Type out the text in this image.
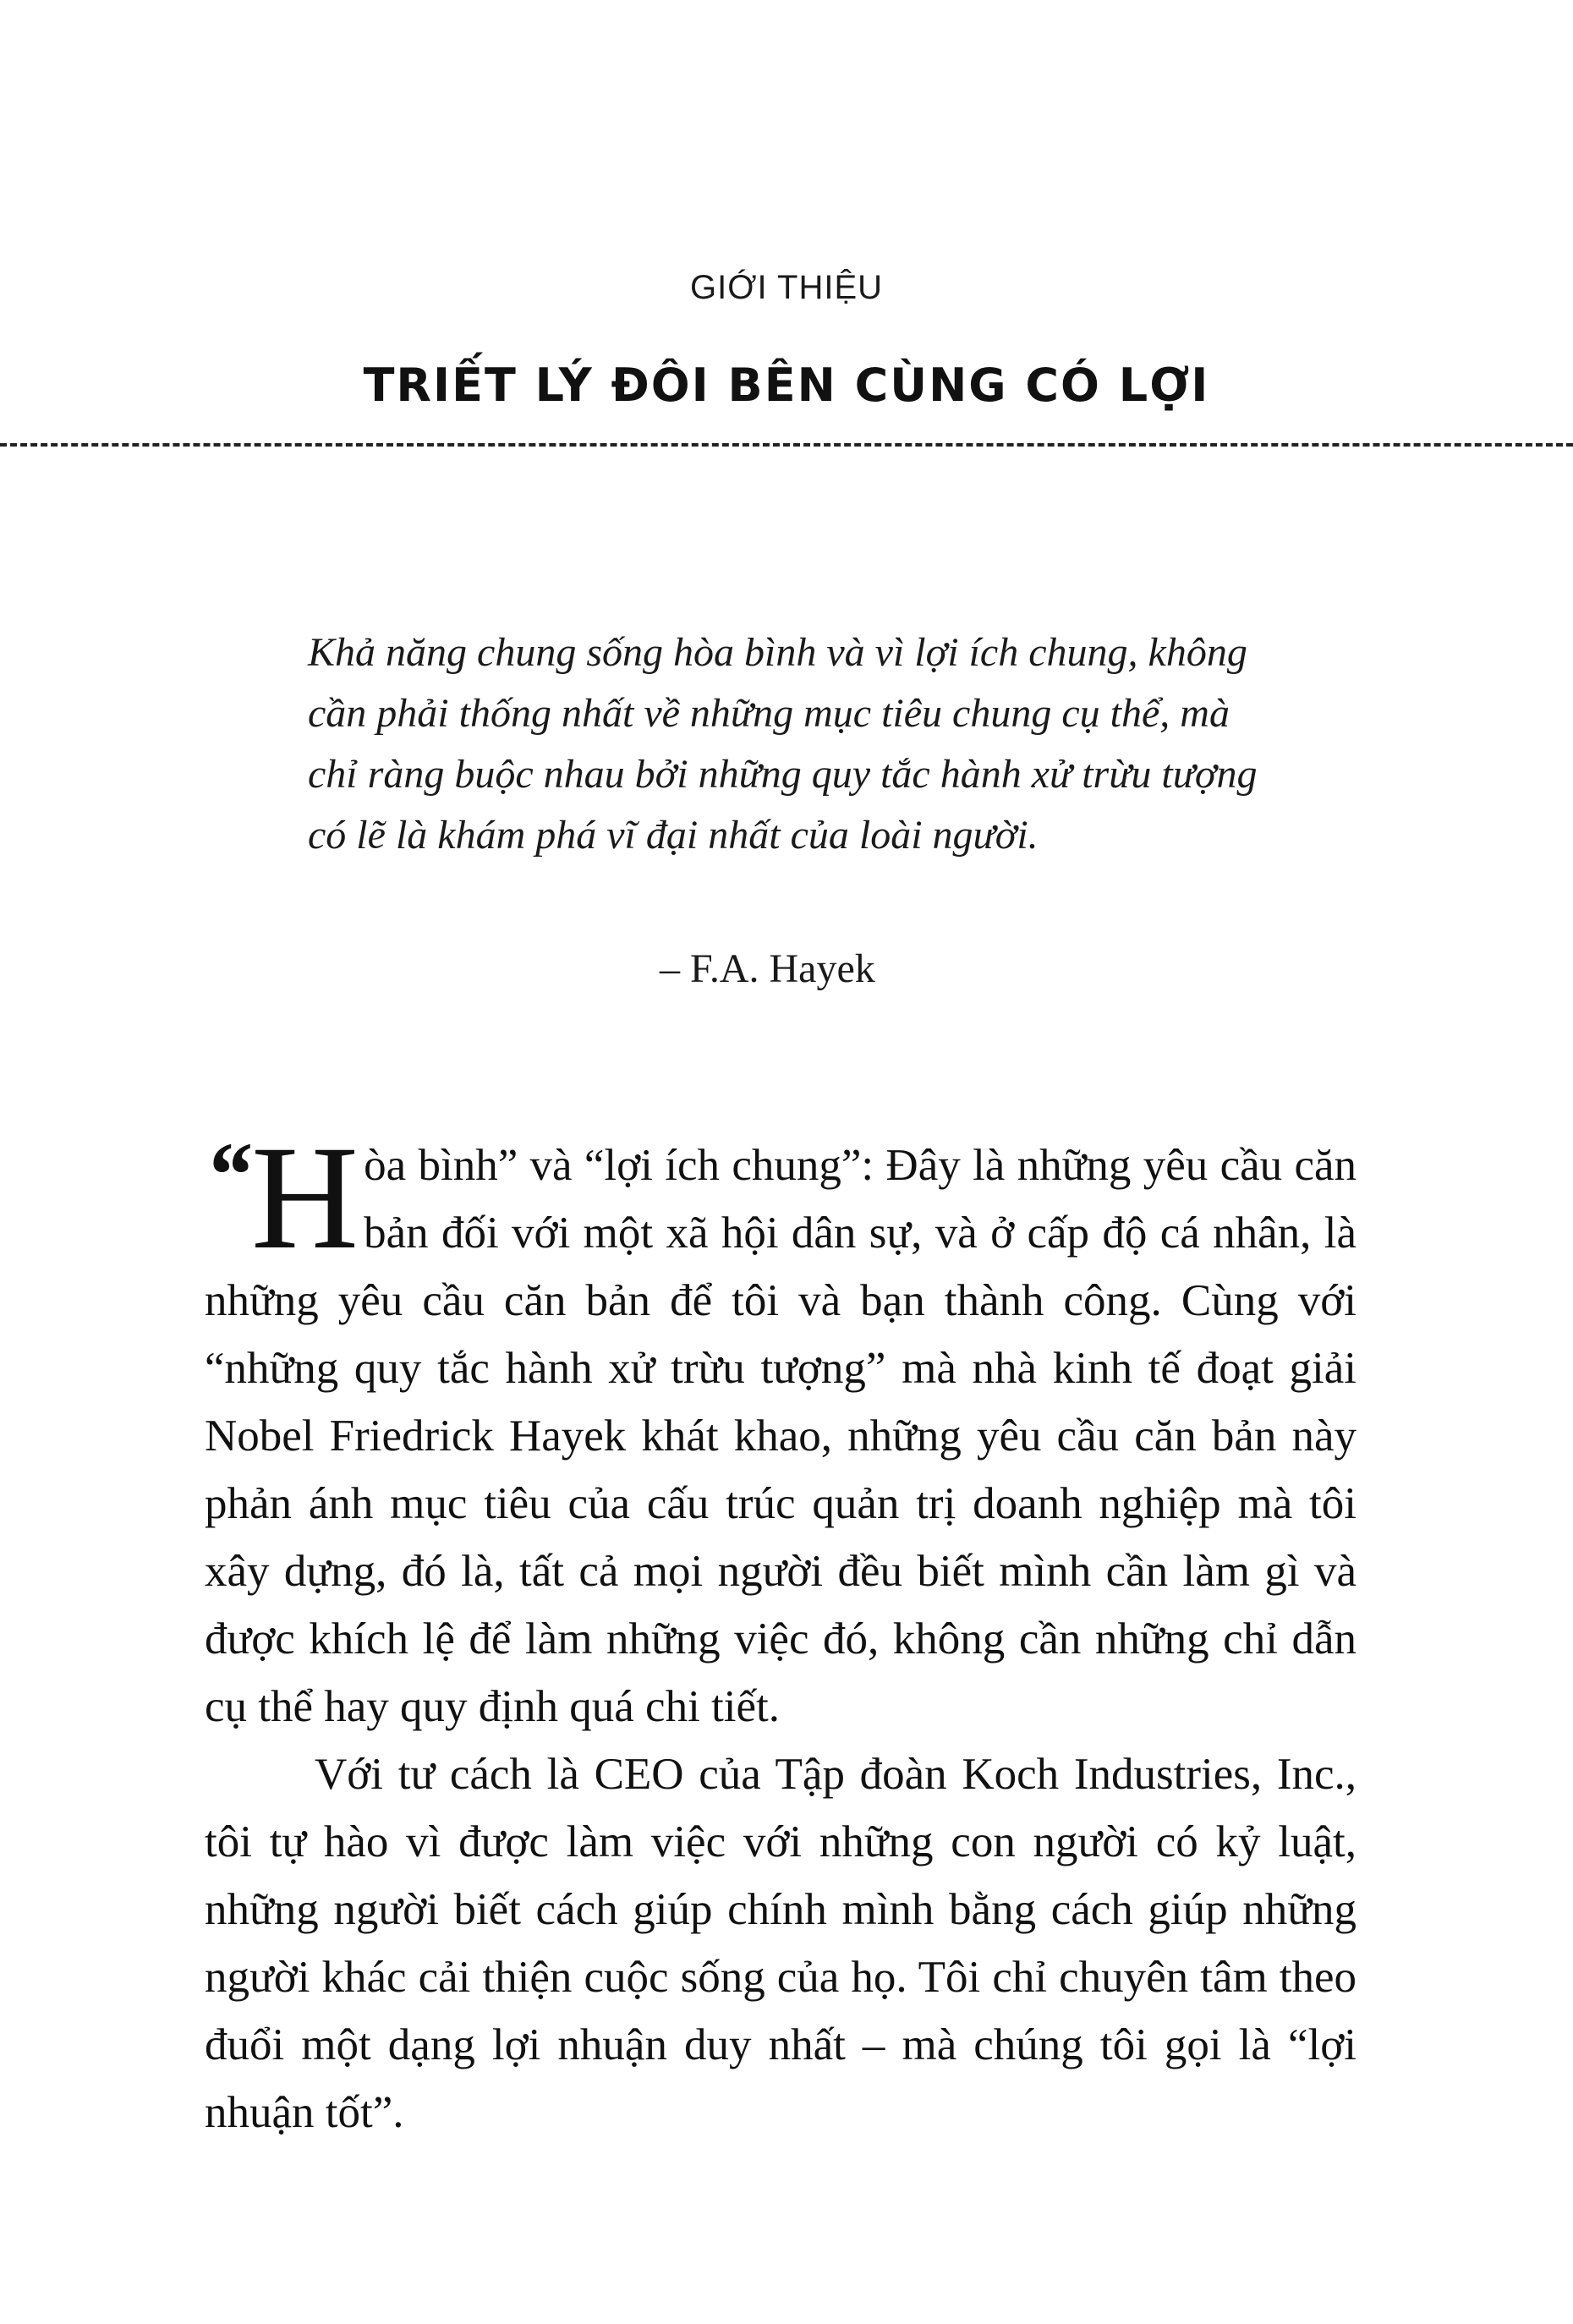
GIỚI THIỆU
TRIẾT LÝ ĐÔI BÊN CÙNG CÓ LỢI

Khả năng chung sống hòa bình và vì lợi ích chung, không cần phải thống nhất về những mục tiêu chung cụ thể, mà chỉ ràng buộc nhau bởi những quy tắc hành xử trừu tượng có lẽ là khám phá vĩ đại nhất của loài người.

– F.A. Hayek

“ H òa bình” và “lợi ích chung”: Đây là những yêu cầu căn bản đối với một xã hội dân sự, và ở cấp độ cá nhân, là những yêu cầu căn bản để tôi và bạn thành công. Cùng với “những quy tắc hành xử trừu tượng” mà nhà kinh tế đoạt giải Nobel Friedrick Hayek khát khao, những yêu cầu căn bản này phản ánh mục tiêu của cấu trúc quản trị doanh nghiệp mà tôi xây dựng, đó là, tất cả mọi người đều biết mình cần làm gì và được khích lệ để làm những việc đó, không cần những chỉ dẫn cụ thể hay quy định quá chi tiết.

Với tư cách là CEO của Tập đoàn Koch Industries, Inc., tôi tự hào vì được làm việc với những con người có kỷ luật, những người biết cách giúp chính mình bằng cách giúp những người khác cải thiện cuộc sống của họ. Tôi chỉ chuyên tâm theo đuổi một dạng lợi nhuận duy nhất – mà chúng tôi gọi là “lợi nhuận tốt”.
